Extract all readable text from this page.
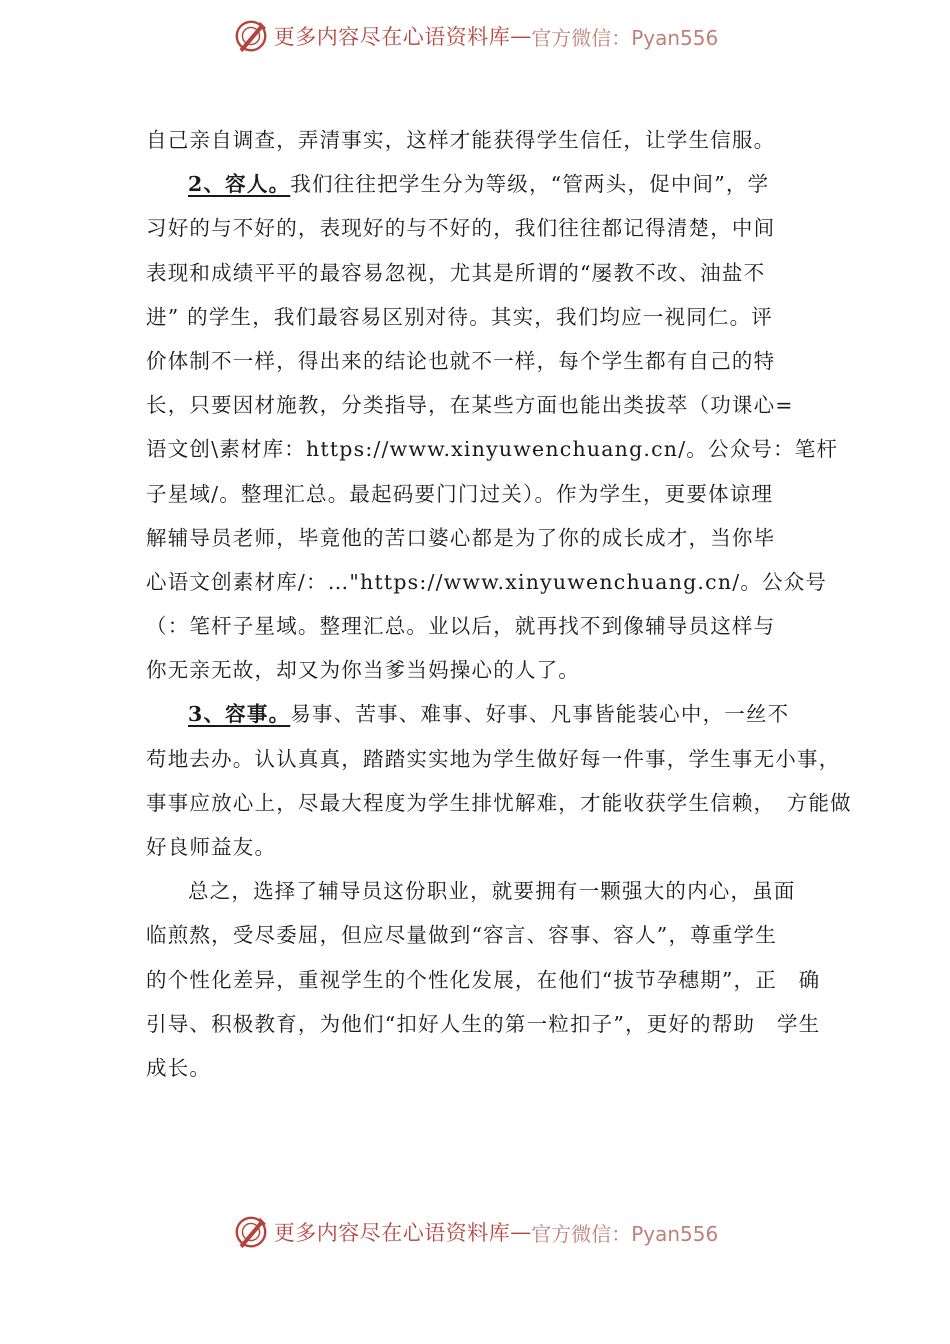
更多内容尽在心语资料库 — 官方微信：Pyan556
自己亲自调查，弄清事实，这样才能获得学生信任，让学生信服。
2、容人。我们往往把学生分为等级，“管两头，促中间”，学
习好的与不好的，表现好的与不好的，我们往往都记得清楚，中间
表现和成绩平平的最容易忽视，尤其是所谓的“屡教不改、油盐不
进” 的学生，我们最容易区别对待。其实，我们均应一视同仁。评
价体制不一样，得出来的结论也就不一样，每个学生都有自己的特
长，只要因材施教，分类指导，在某些方面也能出类拔萃（功课心=
语文创\素材库：https://www.xinyuwenchuang.cn/。公众号：笔杆
子星域/。整理汇总。最起码要门门过关）。作为学生，更要体谅理
解辅导员老师，毕竟他的苦口婆心都是为了你的成长成才，当你毕
心语文创素材库/：…"https://www.xinyuwenchuang.cn/。公众号
（：笔杆子星域。整理汇总。业以后，就再找不到像辅导员这样与
你无亲无故，却又为你当爹当妈操心的人了。
3、容事。易事、苦事、难事、好事、凡事皆能装心中，一丝不
苟地去办。认认真真，踏踏实实地为学生做好每一件事，学生事无小事，
事事应放心上，尽最大程度为学生排忧解难，才能收获学生信赖，　方能做
好良师益友。
总之，选择了辅导员这份职业，就要拥有一颗强大的内心，虽面
临煎熬，受尽委屈，但应尽量做到“容言、容事、容人”，尊重学生
的个性化差异，重视学生的个性化发展，在他们“拔节孕穗期”，正　确
引导、积极教育，为他们“扣好人生的第一粒扣子”，更好的帮助　学生
成长。
更多内容尽在心语资料库 — 官方微信：Pyan556
